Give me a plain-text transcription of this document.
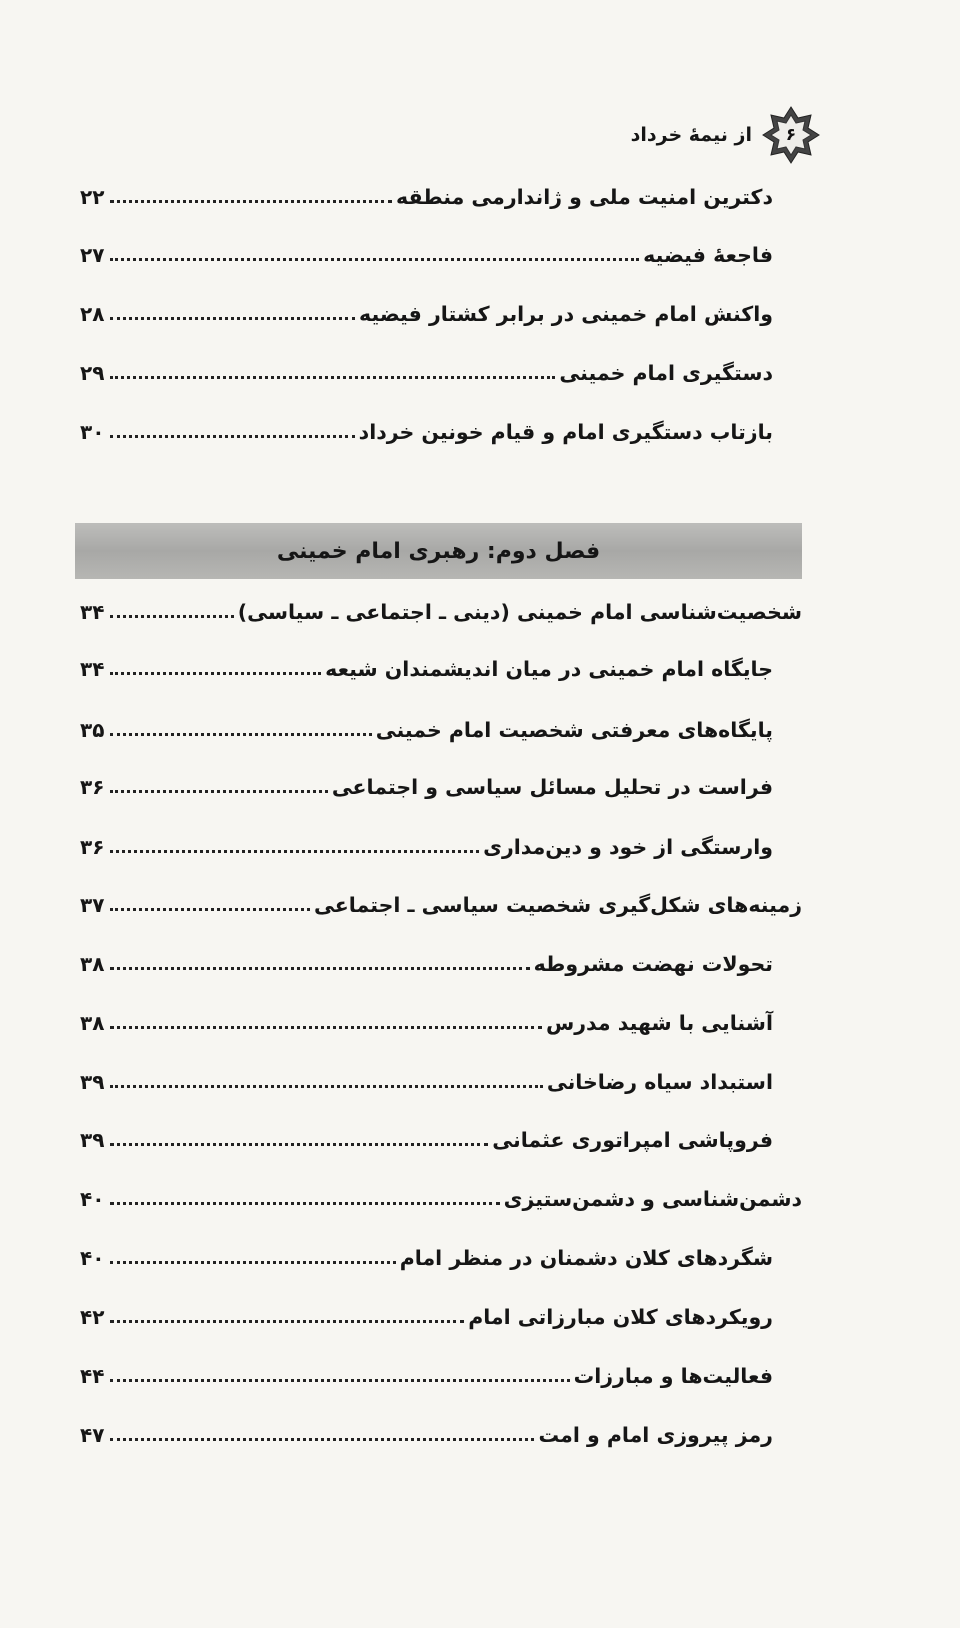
۶
از نیمهٔ خرداد
دکترین امنیت ملی و ژاندارمی منطقه
۲۲
فاجعهٔ فیضیه
۲۷
واکنش امام خمینی در برابر کشتار فیضیه
۲۸
دستگیری امام خمینی
۲۹
بازتاب دستگیری امام و قیام خونین خرداد
۳۰
فصل دوم: رهبری امام خمینی
شخصیت‌شناسی امام خمینی (دینی ـ اجتماعی ـ سیاسی)
۳۴
جایگاه امام خمینی در میان اندیشمندان شیعه
۳۴
پایگاه‌های معرفتی شخصیت امام خمینی
۳۵
فراست در تحلیل مسائل سیاسی و اجتماعی
۳۶
وارستگی از خود و دین‌مداری
۳۶
زمینه‌های شکل‌گیری شخصیت سیاسی ـ اجتماعی
۳۷
تحولات نهضت مشروطه
۳۸
آشنایی با شهید مدرس
۳۸
استبداد سیاه رضاخانی
۳۹
فروپاشی امپراتوری عثمانی
۳۹
دشمن‌شناسی و دشمن‌ستیزی
۴۰
شگردهای کلان دشمنان در منظر امام
۴۰
رویکردهای کلان مبارزاتی امام
۴۲
فعالیت‌ها و مبارزات
۴۴
رمز پیروزی امام و امت
۴۷
